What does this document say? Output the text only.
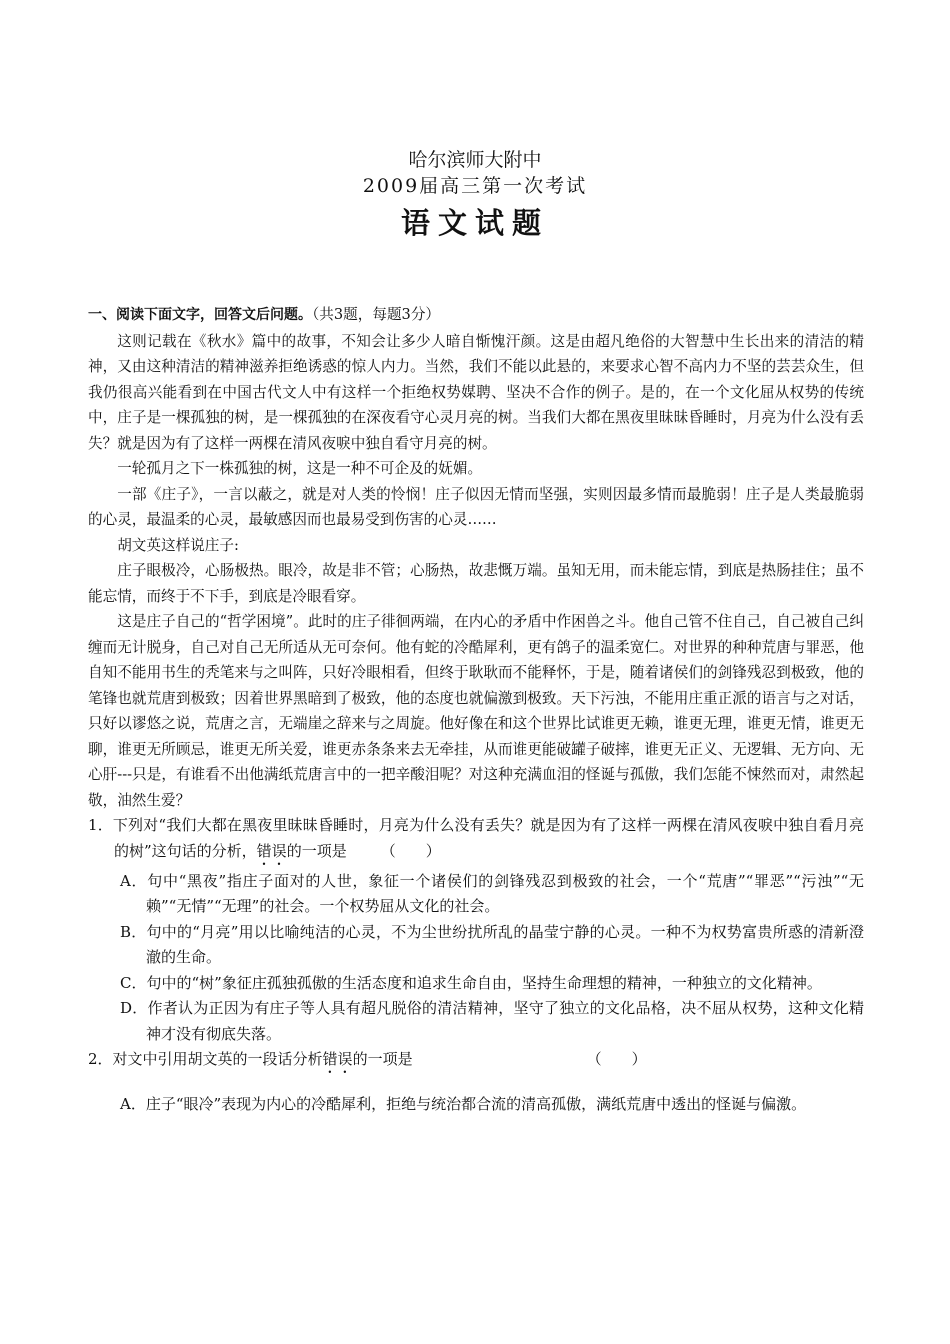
哈尔滨师大附中
2009届高三第一次考试
语文试题

一、阅读下面文字，回答文后问题。（共3题，每题3分）

这则记载在《秋水》篇中的故事，不知会让多少人暗自惭愧汗颜。这是由超凡绝俗的大智慧中生长出来的清洁的精神，又由这种清洁的精神滋养拒绝诱惑的惊人内力。当然，我们不能以此悬的，来要求心智不高内力不坚的芸芸众生，但我仍很高兴能看到在中国古代文人中有这样一个拒绝权势媒聘、坚决不合作的例子。是的，在一个文化屈从权势的传统中，庄子是一棵孤独的树，是一棵孤独的在深夜看守心灵月亮的树。当我们大都在黑夜里昧昧昏睡时，月亮为什么没有丢失？就是因为有了这样一两棵在清风夜唳中独自看守月亮的树。

一轮孤月之下一株孤独的树，这是一种不可企及的妩媚。

一部《庄子》，一言以蔽之，就是对人类的怜悯！庄子似因无情而坚强，实则因最多情而最脆弱！庄子是人类最脆弱的心灵，最温柔的心灵，最敏感因而也最易受到伤害的心灵……

胡文英这样说庄子:

庄子眼极冷，心肠极热。眼冷，故是非不管；心肠热，故悲慨万端。虽知无用，而未能忘情，到底是热肠挂住；虽不能忘情，而终于不下手，到底是冷眼看穿。

这是庄子自己的“哲学困境”。此时的庄子徘徊两端，在内心的矛盾中作困兽之斗。他自己管不住自己，自己被自己纠缠而无计脱身，自己对自己无所适从无可奈何。他有蛇的冷酷犀利，更有鸽子的温柔宽仁。对世界的种种荒唐与罪恶，他自知不能用书生的秃笔来与之叫阵，只好冷眼相看，但终于耿耿而不能释怀，于是，随着诸侯们的剑锋残忍到极致，他的笔锋也就荒唐到极致；因着世界黑暗到了极致，他的态度也就偏激到极致。天下污浊，不能用庄重正派的语言与之对话，只好以谬悠之说，荒唐之言，无端崖之辞来与之周旋。他好像在和这个世界比试谁更无赖，谁更无理，谁更无情，谁更无聊，谁更无所顾忌，谁更无所关爱，谁更赤条条来去无牵挂，从而谁更能破罐子破摔，谁更无正义、无逻辑、无方向、无心肝---只是，有谁看不出他满纸荒唐言中的一把辛酸泪呢？对这种充满血泪的怪诞与孤傲，我们怎能不悚然而对，肃然起敬，油然生爱？

1．下列对“我们大都在黑夜里昧昧昏睡时，月亮为什么没有丢失？就是因为有了这样一两棵在清风夜唳中独自看月亮的树”这句话的分析，错误的一项是 （　　）

A．句中“黑夜”指庄子面对的人世，象征一个诸侯们的剑锋残忍到极致的社会，一个“荒唐”“罪恶”“污浊”“无赖”“无情”“无理”的社会。一个权势屈从文化的社会。

B．句中的“月亮”用以比喻纯洁的心灵，不为尘世纷扰所乱的晶莹宁静的心灵。一种不为权势富贵所惑的清新澄澈的生命。

C．句中的“树”象征庄孤独孤傲的生活态度和追求生命自由，坚持生命理想的精神，一种独立的文化精神。

D．作者认为正因为有庄子等人具有超凡脱俗的清洁精神，坚守了独立的文化品格，决不屈从权势，这种文化精神才没有彻底失落。

2．对文中引用胡文英的一段话分析错误的一项是	（　　）

A．庄子“眼冷”表现为内心的冷酷犀利，拒绝与统治都合流的清高孤傲，满纸荒唐中透出的怪诞与偏激。
